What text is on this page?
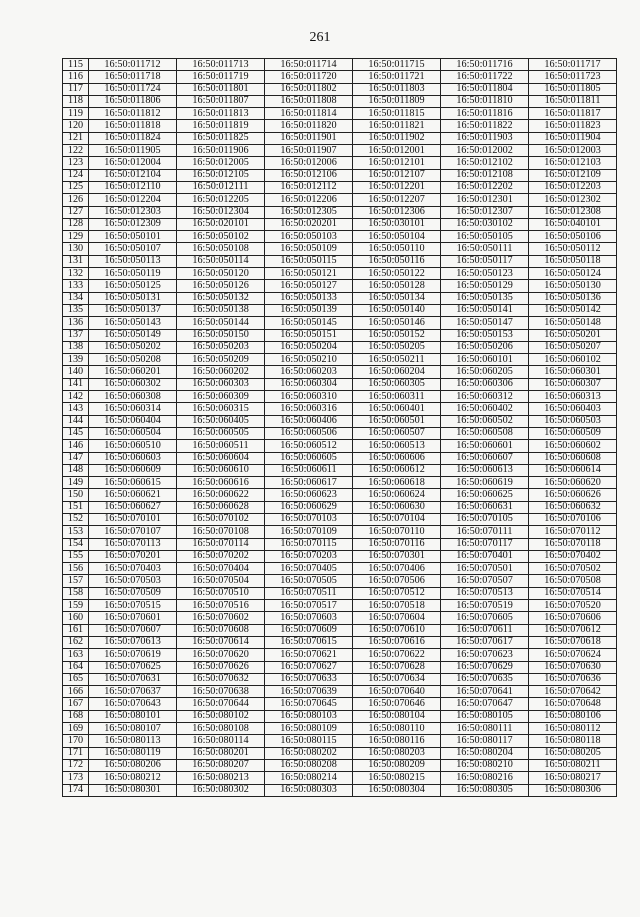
261
115	16:50:011712	16:50:011713	16:50:011714	16:50:011715	16:50:011716	16:50:011717
116	16:50:011718	16:50:011719	16:50:011720	16:50:011721	16:50:011722	16:50:011723
117	16:50:011724	16:50:011801	16:50:011802	16:50:011803	16:50:011804	16:50:011805
118	16:50:011806	16:50:011807	16:50:011808	16:50:011809	16:50:011810	16:50:011811
119	16:50:011812	16:50:011813	16:50:011814	16:50:011815	16:50:011816	16:50:011817
120	16:50:011818	16:50:011819	16:50:011820	16:50:011821	16:50:011822	16:50:011823
121	16:50:011824	16:50:011825	16:50:011901	16:50:011902	16:50:011903	16:50:011904
122	16:50:011905	16:50:011906	16:50:011907	16:50:012001	16:50:012002	16:50:012003
123	16:50:012004	16:50:012005	16:50:012006	16:50:012101	16:50:012102	16:50:012103
124	16:50:012104	16:50:012105	16:50:012106	16:50:012107	16:50:012108	16:50:012109
125	16:50:012110	16:50:012111	16:50:012112	16:50:012201	16:50:012202	16:50:012203
126	16:50:012204	16:50:012205	16:50:012206	16:50:012207	16:50:012301	16:50:012302
127	16:50:012303	16:50:012304	16:50:012305	16:50:012306	16:50:012307	16:50:012308
128	16:50:012309	16:50:020101	16:50:020201	16:50:030101	16:50:030102	16:50:040101
129	16:50:050101	16:50:050102	16:50:050103	16:50:050104	16:50:050105	16:50:050106
130	16:50:050107	16:50:050108	16:50:050109	16:50:050110	16:50:050111	16:50:050112
131	16:50:050113	16:50:050114	16:50:050115	16:50:050116	16:50:050117	16:50:050118
132	16:50:050119	16:50:050120	16:50:050121	16:50:050122	16:50:050123	16:50:050124
133	16:50:050125	16:50:050126	16:50:050127	16:50:050128	16:50:050129	16:50:050130
134	16:50:050131	16:50:050132	16:50:050133	16:50:050134	16:50:050135	16:50:050136
135	16:50:050137	16:50:050138	16:50:050139	16:50:050140	16:50:050141	16:50:050142
136	16:50:050143	16:50:050144	16:50:050145	16:50:050146	16:50:050147	16:50:050148
137	16:50:050149	16:50:050150	16:50:050151	16:50:050152	16:50:050153	16:50:050201
138	16:50:050202	16:50:050203	16:50:050204	16:50:050205	16:50:050206	16:50:050207
139	16:50:050208	16:50:050209	16:50:050210	16:50:050211	16:50:060101	16:50:060102
140	16:50:060201	16:50:060202	16:50:060203	16:50:060204	16:50:060205	16:50:060301
141	16:50:060302	16:50:060303	16:50:060304	16:50:060305	16:50:060306	16:50:060307
142	16:50:060308	16:50:060309	16:50:060310	16:50:060311	16:50:060312	16:50:060313
143	16:50:060314	16:50:060315	16:50:060316	16:50:060401	16:50:060402	16:50:060403
144	16:50:060404	16:50:060405	16:50:060406	16:50:060501	16:50:060502	16:50:060503
145	16:50:060504	16:50:060505	16:50:060506	16:50:060507	16:50:060508	16:50:060509
146	16:50:060510	16:50:060511	16:50:060512	16:50:060513	16:50:060601	16:50:060602
147	16:50:060603	16:50:060604	16:50:060605	16:50:060606	16:50:060607	16:50:060608
148	16:50:060609	16:50:060610	16:50:060611	16:50:060612	16:50:060613	16:50:060614
149	16:50:060615	16:50:060616	16:50:060617	16:50:060618	16:50:060619	16:50:060620
150	16:50:060621	16:50:060622	16:50:060623	16:50:060624	16:50:060625	16:50:060626
151	16:50:060627	16:50:060628	16:50:060629	16:50:060630	16:50:060631	16:50:060632
152	16:50:070101	16:50:070102	16:50:070103	16:50:070104	16:50:070105	16:50:070106
153	16:50:070107	16:50:070108	16:50:070109	16:50:070110	16:50:070111	16:50:070112
154	16:50:070113	16:50:070114	16:50:070115	16:50:070116	16:50:070117	16:50:070118
155	16:50:070201	16:50:070202	16:50:070203	16:50:070301	16:50:070401	16:50:070402
156	16:50:070403	16:50:070404	16:50:070405	16:50:070406	16:50:070501	16:50:070502
157	16:50:070503	16:50:070504	16:50:070505	16:50:070506	16:50:070507	16:50:070508
158	16:50:070509	16:50:070510	16:50:070511	16:50:070512	16:50:070513	16:50:070514
159	16:50:070515	16:50:070516	16:50:070517	16:50:070518	16:50:070519	16:50:070520
160	16:50:070601	16:50:070602	16:50:070603	16:50:070604	16:50:070605	16:50:070606
161	16:50:070607	16:50:070608	16:50:070609	16:50:070610	16:50:070611	16:50:070612
162	16:50:070613	16:50:070614	16:50:070615	16:50:070616	16:50:070617	16:50:070618
163	16:50:070619	16:50:070620	16:50:070621	16:50:070622	16:50:070623	16:50:070624
164	16:50:070625	16:50:070626	16:50:070627	16:50:070628	16:50:070629	16:50:070630
165	16:50:070631	16:50:070632	16:50:070633	16:50:070634	16:50:070635	16:50:070636
166	16:50:070637	16:50:070638	16:50:070639	16:50:070640	16:50:070641	16:50:070642
167	16:50:070643	16:50:070644	16:50:070645	16:50:070646	16:50:070647	16:50:070648
168	16:50:080101	16:50:080102	16:50:080103	16:50:080104	16:50:080105	16:50:080106
169	16:50:080107	16:50:080108	16:50:080109	16:50:080110	16:50:080111	16:50:080112
170	16:50:080113	16:50:080114	16:50:080115	16:50:080116	16:50:080117	16:50:080118
171	16:50:080119	16:50:080201	16:50:080202	16:50:080203	16:50:080204	16:50:080205
172	16:50:080206	16:50:080207	16:50:080208	16:50:080209	16:50:080210	16:50:080211
173	16:50:080212	16:50:080213	16:50:080214	16:50:080215	16:50:080216	16:50:080217
174	16:50:080301	16:50:080302	16:50:080303	16:50:080304	16:50:080305	16:50:080306
